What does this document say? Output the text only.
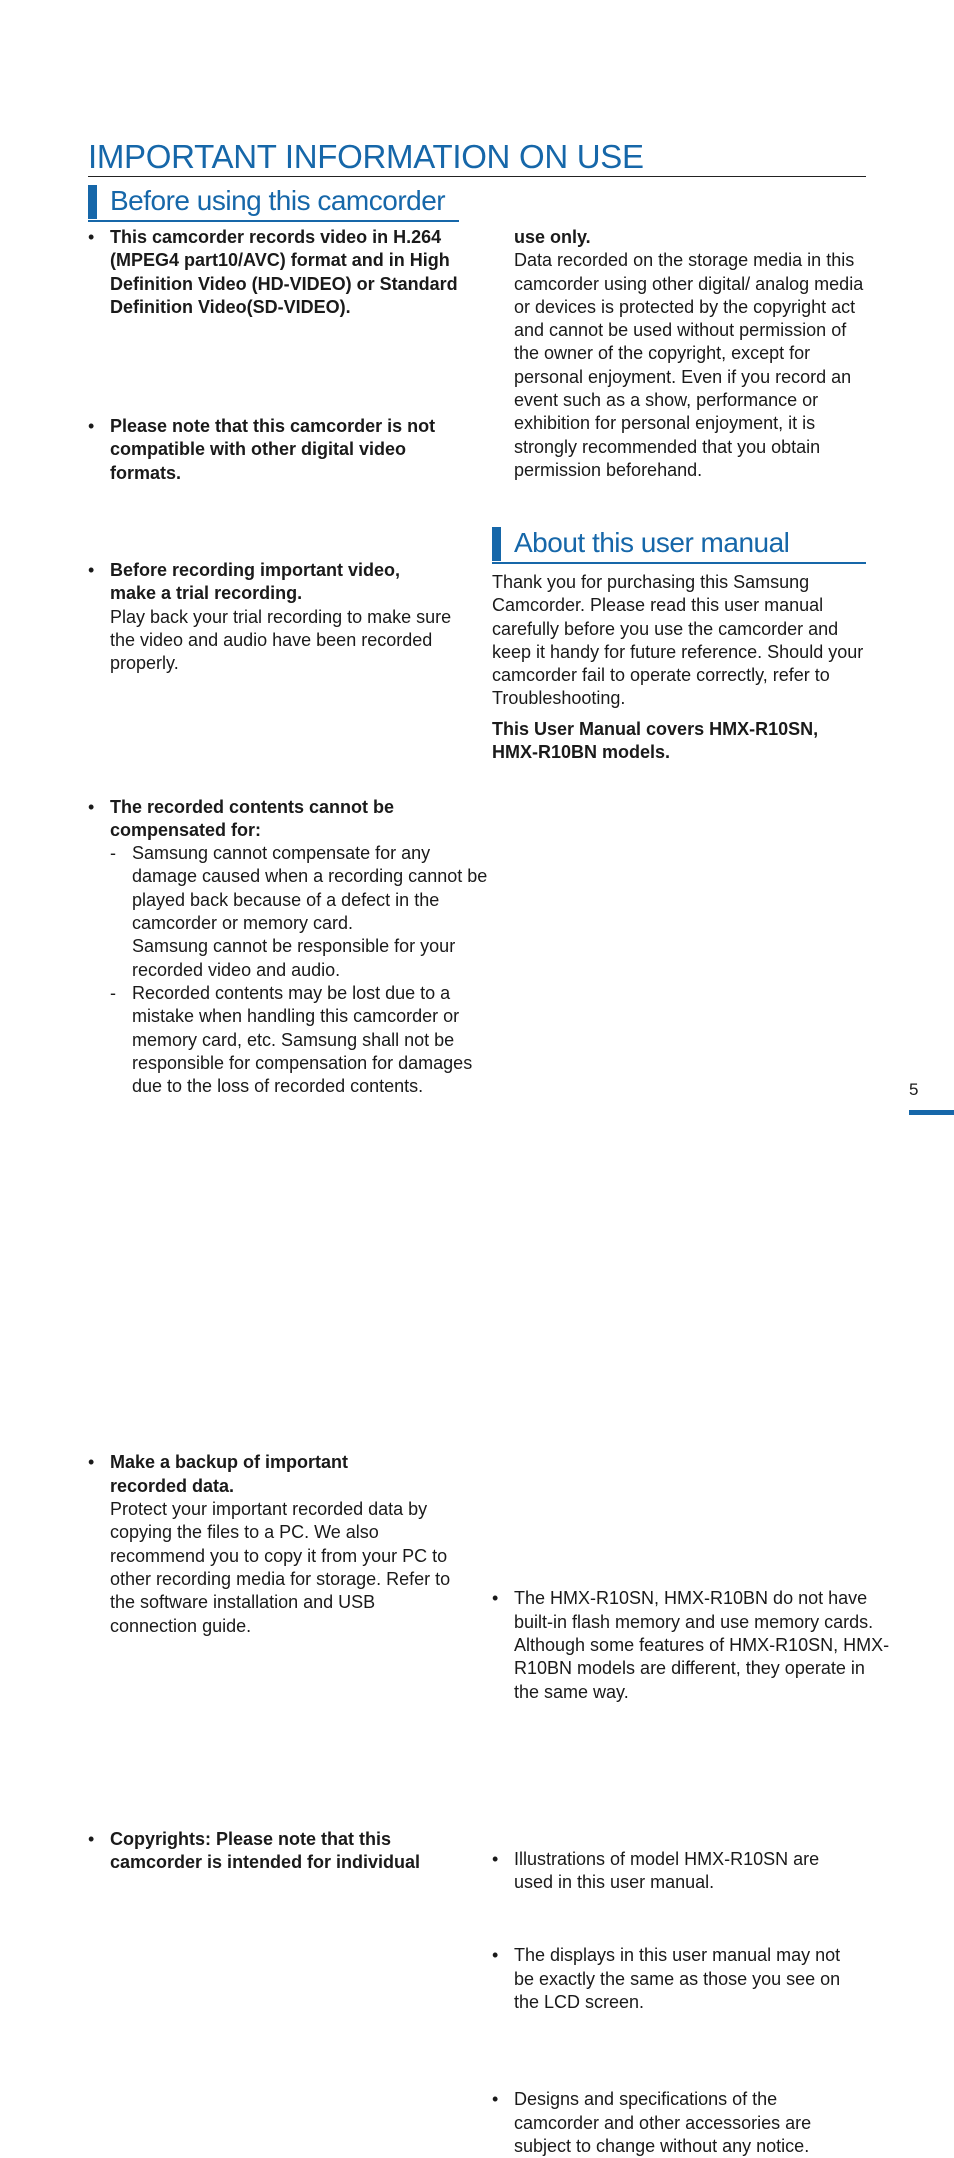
IMPORTANT INFORMATION ON USE
Before using this camcorder
• This camcorder records video in H.264 (MPEG4 part10/AVC) format and in High Definition Video (HD-VIDEO) or Standard Definition Video(SD-VIDEO).
• Please note that this camcorder is not compatible with other digital video formats.
• Before recording important video, make a trial recording.
Play back your trial recording to make sure the video and audio have been recorded properly.
• The recorded contents cannot be compensated for:
- Samsung cannot compensate for any damage caused when a recording cannot be played back because of a defect in the camcorder or memory card.
Samsung cannot be responsible for your recorded video and audio.
- Recorded contents may be lost due to a mistake when handling this camcorder or memory card, etc. Samsung shall not be responsible for compensation for damages due to the loss of recorded contents.
• Make a backup of important recorded data.
Protect your important recorded data by copying the files to a PC. We also recommend you to copy it from your PC to other recording media for storage. Refer to the software installation and USB connection guide.
• Copyrights: Please note that this camcorder is intended for individual
use only.
Data recorded on the storage media in this camcorder using other digital/ analog media or devices is protected by the copyright act and cannot be used without permission of the owner of the copyright, except for personal enjoyment. Even if you record an event such as a show, performance or exhibition for personal enjoyment, it is strongly recommended that you obtain permission beforehand.
About this user manual
Thank you for purchasing this Samsung Camcorder. Please read this user manual carefully before you use the camcorder and keep it handy for future reference. Should your camcorder fail to operate correctly, refer to Troubleshooting.
This User Manual covers HMX-R10SN, HMX-R10BN models.
• The HMX-R10SN, HMX-R10BN do not have built-in flash memory and use memory cards. Although some features of HMX-R10SN, HMX-R10BN models are different, they operate in the same way.
• Illustrations of model HMX-R10SN are used in this user manual.
• The displays in this user manual may not be exactly the same as those you see on the LCD screen.
• Designs and specifications of the camcorder and other accessories are subject to change without any notice.
5
